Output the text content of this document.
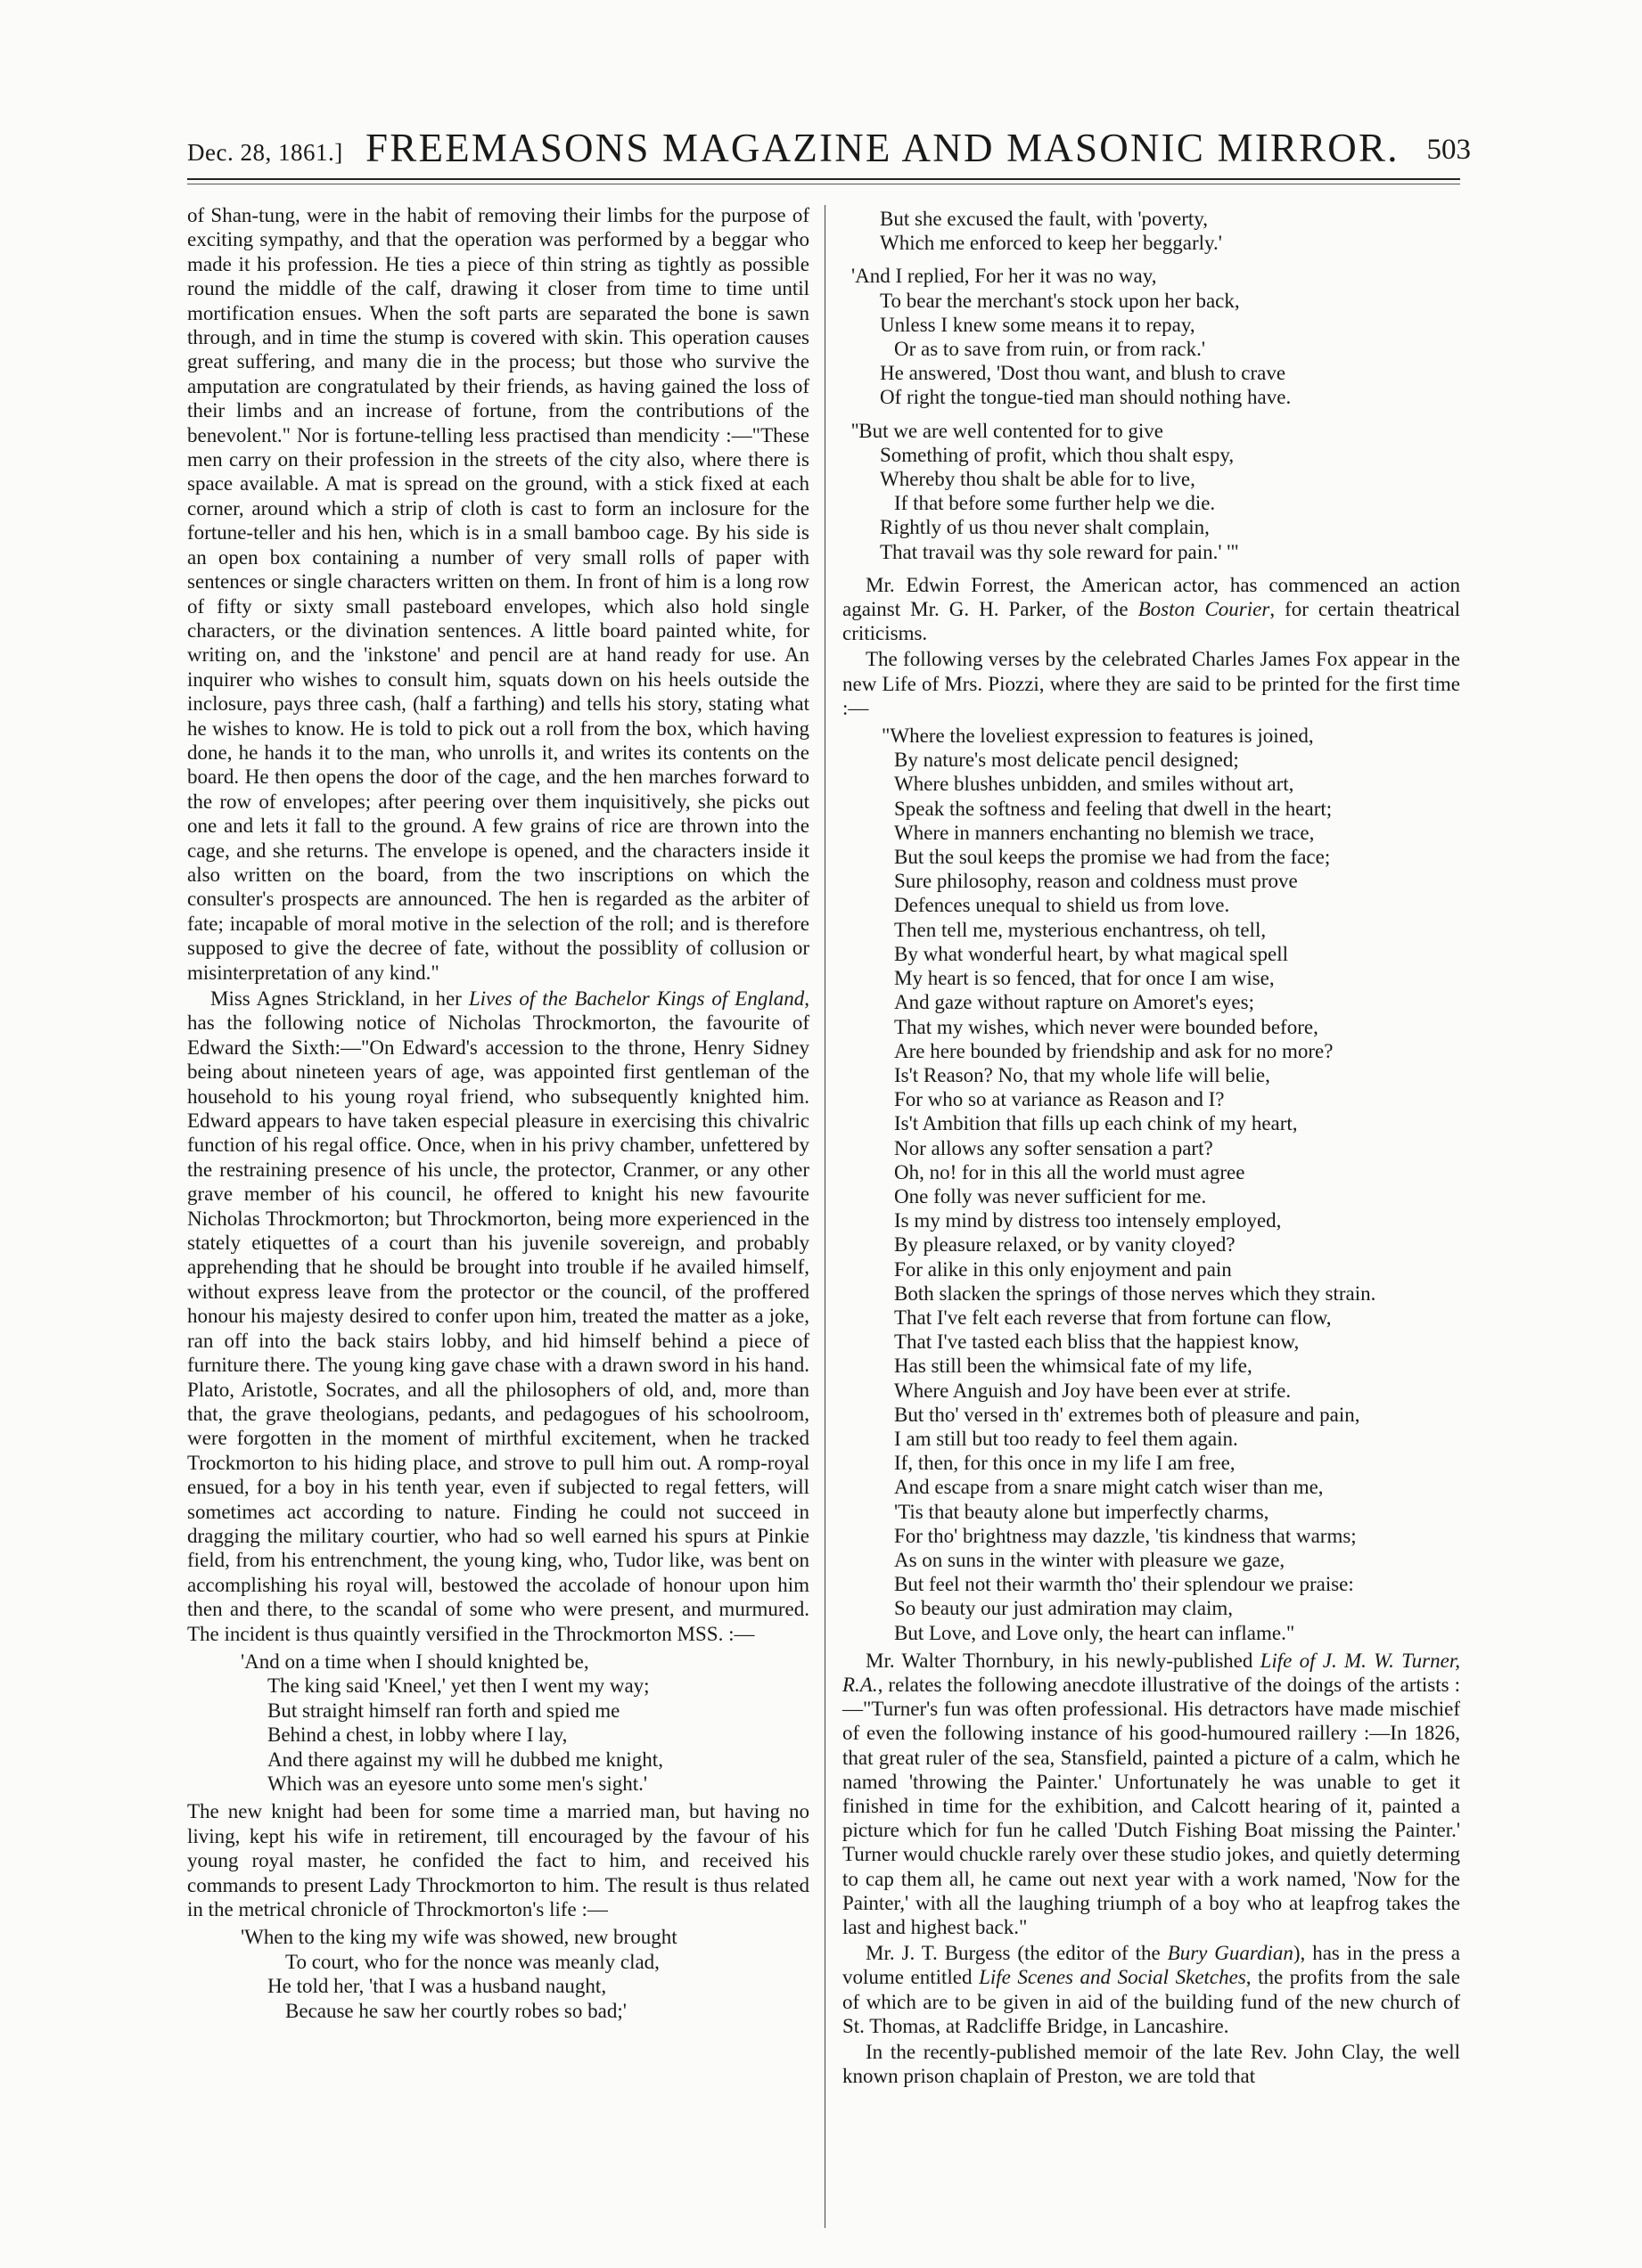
Dec. 28, 1861.] FREEMASONS MAGAZINE AND MASONIC MIRROR. 503

of Shan-tung, were in the habit of removing their limbs for the purpose of exciting sympathy, and that the operation was performed by a beggar who made it his profession. He ties a piece of thin string as tightly as possible round the middle of the calf, drawing it closer from time to time until mortification ensues. When the soft parts are separated the bone is sawn through, and in time the stump is covered with skin. This operation causes great suffering, and many die in the process; but those who survive the amputation are congratulated by their friends, as having gained the loss of their limbs and an increase of fortune, from the contributions of the benevolent." Nor is fortune-telling less practised than mendicity :—"These men carry on their profession in the streets of the city also, where there is space available. A mat is spread on the ground, with a stick fixed at each corner, around which a strip of cloth is cast to form an inclosure for the fortune-teller and his hen, which is in a small bamboo cage. By his side is an open box containing a number of very small rolls of paper with sentences or single characters written on them. In front of him is a long row of fifty or sixty small pasteboard envelopes, which also hold single characters, or the divination sentences. A little board painted white, for writing on, and the 'inkstone' and pencil are at hand ready for use. An inquirer who wishes to consult him, squats down on his heels outside the inclosure, pays three cash, (half a farthing) and tells his story, stating what he wishes to know. He is told to pick out a roll from the box, which having done, he hands it to the man, who unrolls it, and writes its contents on the board. He then opens the door of the cage, and the hen marches forward to the row of envelopes; after peering over them inquisitively, she picks out one and lets it fall to the ground. A few grains of rice are thrown into the cage, and she returns. The envelope is opened, and the characters inside it also written on the board, from the two inscriptions on which the consulter's prospects are announced. The hen is regarded as the arbiter of fate; incapable of moral motive in the selection of the roll; and is therefore supposed to give the decree of fate, without the possiblity of collusion or misinterpretation of any kind."

Miss Agnes Strickland, in her Lives of the Bachelor Kings of England, has the following notice of Nicholas Throckmorton, the favourite of Edward the Sixth:—"On Edward's accession to the throne, Henry Sidney being about nineteen years of age, was appointed first gentleman of the household to his young royal friend, who subsequently knighted him. Edward appears to have taken especial pleasure in exercising this chivalric function of his regal office. Once, when in his privy chamber, unfettered by the restraining presence of his uncle, the protector, Cranmer, or any other grave member of his council, he offered to knight his new favourite Nicholas Throckmorton; but Throckmorton, being more experienced in the stately etiquettes of a court than his juvenile sovereign, and probably apprehending that he should be brought into trouble if he availed himself, without express leave from the protector or the council, of the proffered honour his majesty desired to confer upon him, treated the matter as a joke, ran off into the back stairs lobby, and hid himself behind a piece of furniture there. The young king gave chase with a drawn sword in his hand. Plato, Aristotle, Socrates, and all the philosophers of old, and, more than that, the grave theologians, pedants, and pedagogues of his schoolroom, were forgotten in the moment of mirthful excitement, when he tracked Trockmorton to his hiding place, and strove to pull him out. A romp-royal ensued, for a boy in his tenth year, even if subjected to regal fetters, will sometimes act according to nature. Finding he could not succeed in dragging the military courtier, who had so well earned his spurs at Pinkie field, from his entrenchment, the young king, who, Tudor like, was bent on accomplishing his royal will, bestowed the accolade of honour upon him then and there, to the scandal of some who were present, and murmured. The incident is thus quaintly versified in the Throckmorton MSS. :—

'And on a time when I should knighted be,
The king said 'Kneel,' yet then I went my way;
But straight himself ran forth and spied me
Behind a chest, in lobby where I lay,
And there against my will he dubbed me knight,
Which was an eyesore unto some men's sight.'

The new knight had been for some time a married man, but having no living, kept his wife in retirement, till encouraged by the favour of his young royal master, he confided the fact to him, and received his commands to present Lady Throckmorton to him. The result is thus related in the metrical chronicle of Throckmorton's life :—

'When to the king my wife was showed, new brought
To court, who for the nonce was meanly clad,
He told her, 'that I was a husband naught,
Because he saw her courtly robes so bad;'
But she excused the fault, with 'poverty,
Which me enforced to keep her beggarly.'
'And I replied, For her it was no way,
To bear the merchant's stock upon her back,
Unless I knew some means it to repay,
Or as to save from ruin, or from rack.'
He answered, 'Dost thou want, and blush to crave
Of right the tongue-tied man should nothing have.
''But we are well contented for to give
Something of profit, which thou shalt espy,
Whereby thou shalt be able for to live,
If that before some further help we die.
Rightly of us thou never shalt complain,
That travail was thy sole reward for pain.' '"

Mr. Edwin Forrest, the American actor, has commenced an action against Mr. G. H. Parker, of the Boston Courier, for certain theatrical criticisms.

The following verses by the celebrated Charles James Fox appear in the new Life of Mrs. Piozzi, where they are said to be printed for the first time :—

"Where the loveliest expression to features is joined,
By nature's most delicate pencil designed;
Where blushes unbidden, and smiles without art,
Speak the softness and feeling that dwell in the heart;
Where in manners enchanting no blemish we trace,
But the soul keeps the promise we had from the face;
Sure philosophy, reason and coldness must prove
Defences unequal to shield us from love.
Then tell me, mysterious enchantress, oh tell,
By what wonderful heart, by what magical spell
My heart is so fenced, that for once I am wise,
And gaze without rapture on Amoret's eyes;
That my wishes, which never were bounded before,
Are here bounded by friendship and ask for no more?
Is't Reason? No, that my whole life will belie,
For who so at variance as Reason and I?
Is't Ambition that fills up each chink of my heart,
Nor allows any softer sensation a part?
Oh, no! for in this all the world must agree
One folly was never sufficient for me.
Is my mind by distress too intensely employed,
By pleasure relaxed, or by vanity cloyed?
For alike in this only enjoyment and pain
Both slacken the springs of those nerves which they strain.
That I've felt each reverse that from fortune can flow,
That I've tasted each bliss that the happiest know,
Has still been the whimsical fate of my life,
Where Anguish and Joy have been ever at strife.
But tho' versed in th' extremes both of pleasure and pain,
I am still but too ready to feel them again.
If, then, for this once in my life I am free,
And escape from a snare might catch wiser than me,
'Tis that beauty alone but imperfectly charms,
For tho' brightness may dazzle, 'tis kindness that warms;
As on suns in the winter with pleasure we gaze,
But feel not their warmth tho' their splendour we praise:
So beauty our just admiration may claim,
But Love, and Love only, the heart can inflame."

Mr. Walter Thornbury, in his newly-published Life of J. M. W. Turner, R.A., relates the following anecdote illustrative of the doings of the artists :—"Turner's fun was often professional. His detractors have made mischief of even the following instance of his good-humoured raillery :—In 1826, that great ruler of the sea, Stansfield, painted a picture of a calm, which he named 'throwing the Painter.' Unfortunately he was unable to get it finished in time for the exhibition, and Calcott hearing of it, painted a picture which for fun he called 'Dutch Fishing Boat missing the Painter.' Turner would chuckle rarely over these studio jokes, and quietly determing to cap them all, he came out next year with a work named, 'Now for the Painter,' with all the laughing triumph of a boy who at leapfrog takes the last and highest back."

Mr. J. T. Burgess (the editor of the Bury Guardian), has in the press a volume entitled Life Scenes and Social Sketches, the profits from the sale of which are to be given in aid of the building fund of the new church of St. Thomas, at Radcliffe Bridge, in Lancashire.

In the recently-published memoir of the late Rev. John Clay, the well known prison chaplain of Preston, we are told that
